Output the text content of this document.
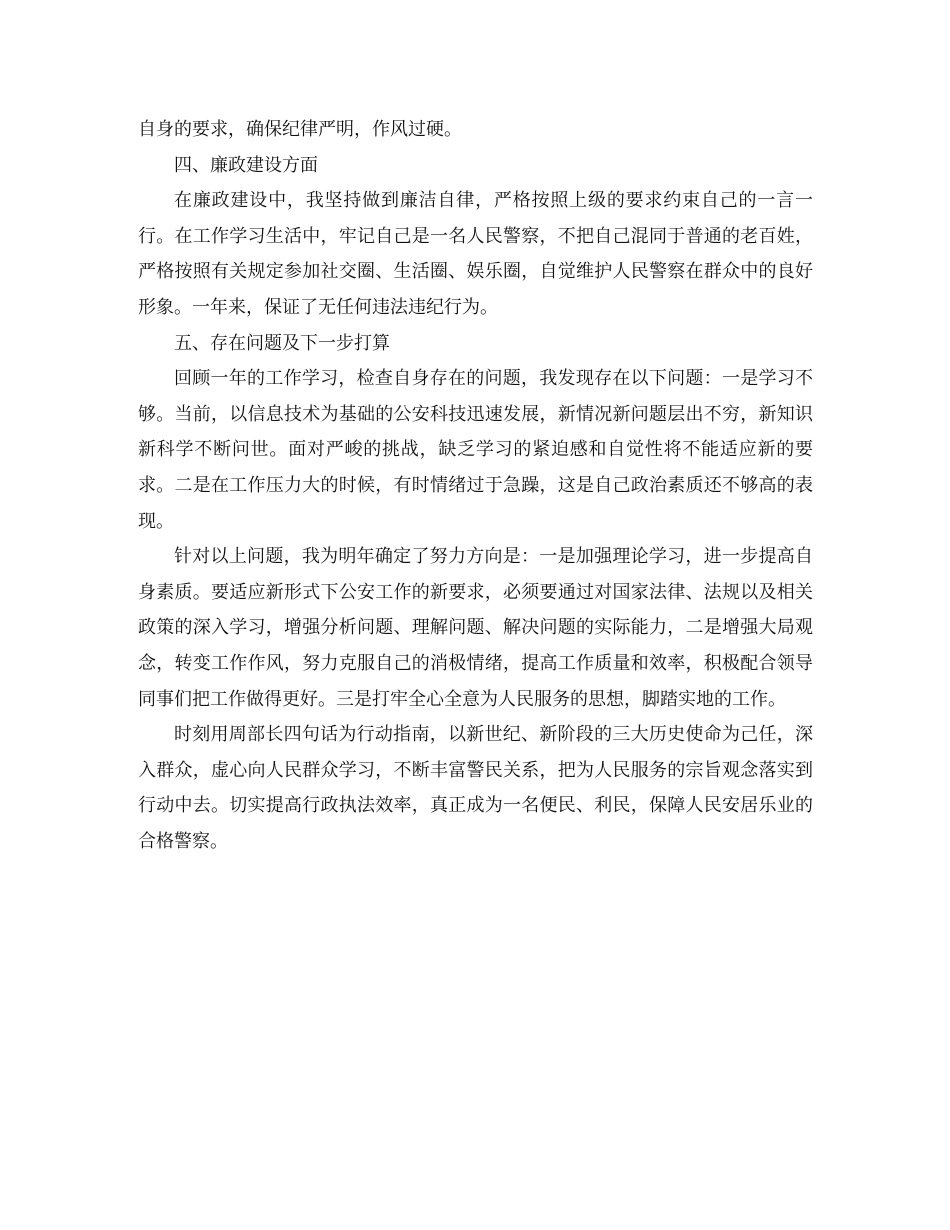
自身的要求，确保纪律严明，作风过硬。

四、廉政建设方面

在廉政建设中，我坚持做到廉洁自律，严格按照上级的要求约束自己的一言一行。在工作学习生活中，牢记自己是一名人民警察，不把自己混同于普通的老百姓，严格按照有关规定参加社交圈、生活圈、娱乐圈，自觉维护人民警察在群众中的良好形象。一年来，保证了无任何违法违纪行为。

五、存在问题及下一步打算

回顾一年的工作学习，检查自身存在的问题，我发现存在以下问题：一是学习不够。当前，以信息技术为基础的公安科技迅速发展，新情况新问题层出不穷，新知识新科学不断问世。面对严峻的挑战，缺乏学习的紧迫感和自觉性将不能适应新的要求。二是在工作压力大的时候，有时情绪过于急躁，这是自己政治素质还不够高的表现。

针对以上问题，我为明年确定了努力方向是：一是加强理论学习，进一步提高自身素质。要适应新形式下公安工作的新要求，必须要通过对国家法律、法规以及相关政策的深入学习，增强分析问题、理解问题、解决问题的实际能力，二是增强大局观念，转变工作作风，努力克服自己的消极情绪，提高工作质量和效率，积极配合领导同事们把工作做得更好。三是打牢全心全意为人民服务的思想，脚踏实地的工作。

时刻用周部长四句话为行动指南，以新世纪、新阶段的三大历史使命为己任，深入群众，虚心向人民群众学习，不断丰富警民关系，把为人民服务的宗旨观念落实到行动中去。切实提高行政执法效率，真正成为一名便民、利民，保障人民安居乐业的合格警察。
